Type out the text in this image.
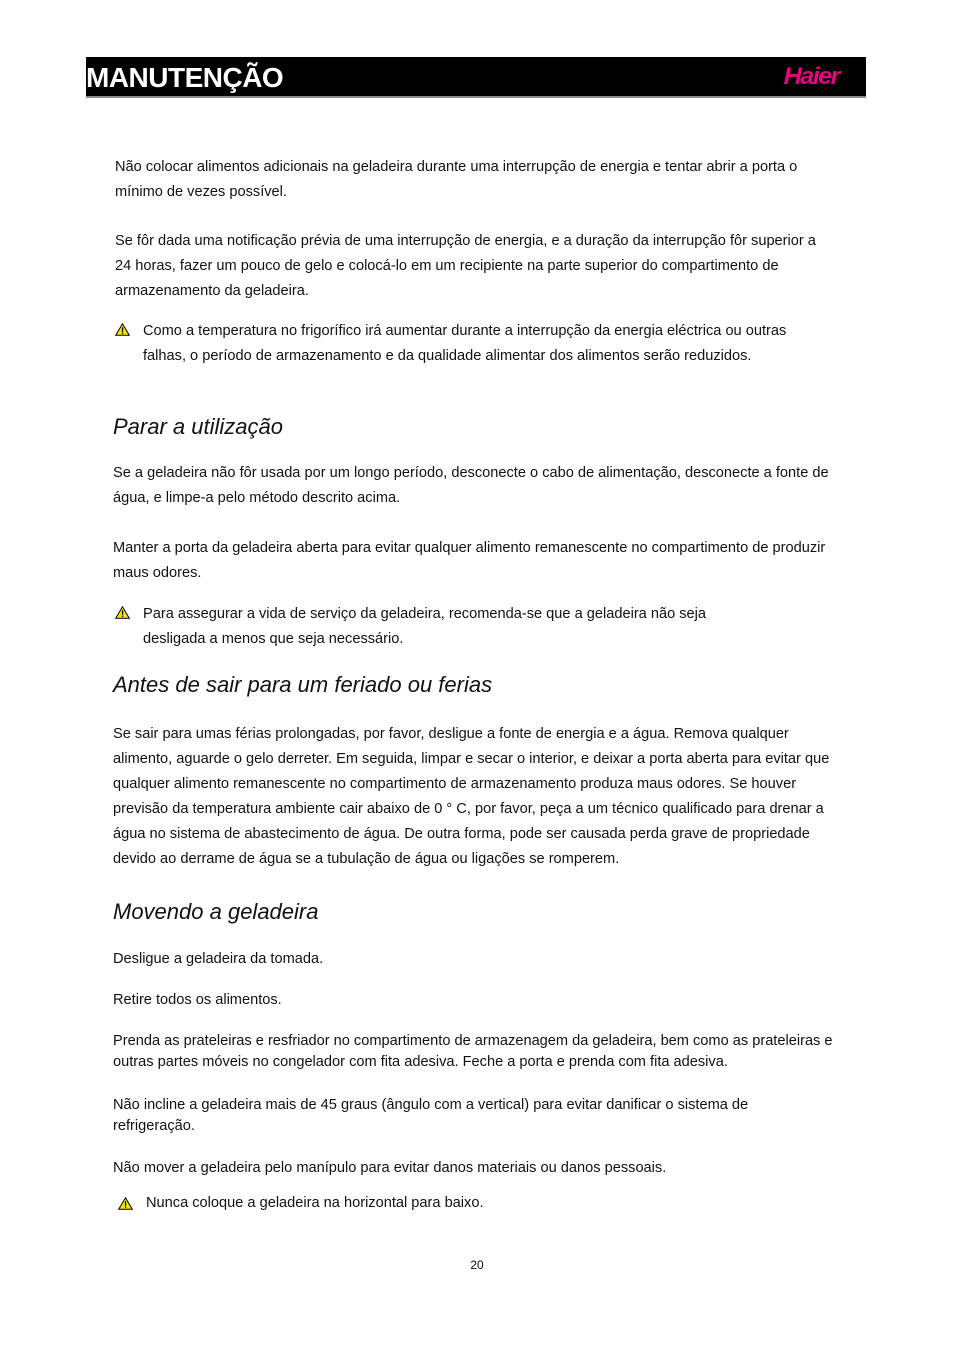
MANUTENÇÃO	Haier
Não colocar alimentos adicionais na geladeira durante uma interrupção de energia e tentar abrir a porta o mínimo de vezes possível.
Se fôr dada uma notificação prévia de uma interrupção de energia, e a duração da interrupção fôr superior a 24 horas, fazer um pouco de gelo e colocá-lo em um recipiente na parte superior do compartimento de armazenamento da geladeira.
Como a temperatura no frigorífico irá aumentar durante a interrupção da energia eléctrica ou outras falhas, o período de armazenamento e da qualidade alimentar dos alimentos serão reduzidos.
Parar a utilização
Se a geladeira não fôr usada por um longo período, desconecte o cabo de alimentação, desconecte a fonte de água, e limpe-a pelo método descrito acima.
Manter a porta da geladeira aberta para evitar qualquer alimento remanescente no compartimento de produzir maus odores.
Para assegurar a vida de serviço da geladeira, recomenda-se que a geladeira não seja desligada a menos que seja necessário.
Antes de sair para um feriado ou ferias
Se sair para umas férias prolongadas, por favor, desligue a fonte de energia e a água. Remova qualquer alimento, aguarde o gelo derreter. Em seguida, limpar e secar o interior, e deixar a porta aberta para evitar que qualquer alimento remanescente no compartimento de armazenamento produza maus odores. Se houver previsão da temperatura ambiente cair abaixo de 0 ° C, por favor, peça a um técnico qualificado para drenar a água no sistema de abastecimento de água. De outra forma, pode ser causada perda grave de propriedade devido ao derrame de água se a tubulação de água ou ligações se romperem.
Movendo a geladeira
Desligue a geladeira da tomada.
Retire todos os alimentos.
Prenda as prateleiras e resfriador no compartimento de armazenagem da geladeira, bem como as prateleiras e outras partes móveis no congelador com fita adesiva. Feche a porta e prenda com fita adesiva.
Não incline a geladeira mais de 45 graus (ângulo com a vertical) para evitar danificar o sistema de refrigeração.
Não mover a geladeira pelo manípulo para evitar danos materiais ou danos pessoais.
Nunca coloque a geladeira na horizontal para baixo.
20
